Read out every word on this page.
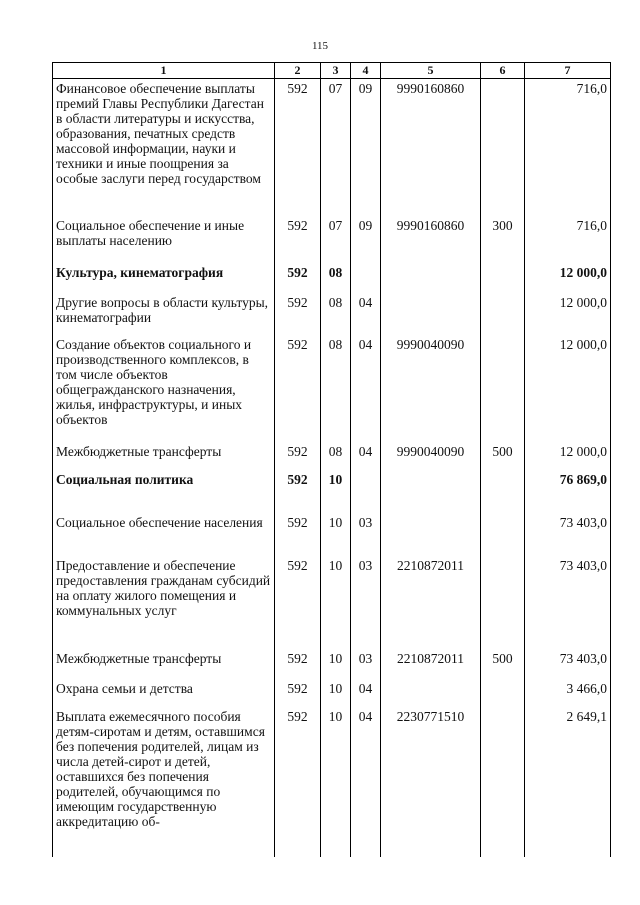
115
1	2	3	4	5	6	7
Финансовое обеспечение выплаты премий Главы Республики Дагестан в области литературы и искусства, образования, печатных средств массовой информации, науки и техники и иные поощрения за особые заслуги перед государством	592	07	09	9990160860		716,0
Социальное обеспечение и иные выплаты населению	592	07	09	9990160860	300	716,0
Культура, кинематография	592	08				12 000,0
Другие вопросы в области культуры, кинематографии	592	08	04			12 000,0
Создание объектов социального и производственного комплексов, в том числе объектов общегражданского назначения, жилья, инфраструктуры, и иных объектов	592	08	04	9990040090		12 000,0
Межбюджетные трансферты	592	08	04	9990040090	500	12 000,0
Социальная политика	592	10				76 869,0
Социальное обеспечение населения	592	10	03			73 403,0
Предоставление и обеспечение предоставления гражданам субсидий на оплату жилого помещения и коммунальных услуг	592	10	03	2210872011		73 403,0
Межбюджетные трансферты	592	10	03	2210872011	500	73 403,0
Охрана семьи и детства	592	10	04			3 466,0
Выплата ежемесячного пособия детям-сиротам и детям, оставшимся без попечения родителей, лицам из числа детей-сирот и детей, оставшихся без попечения родителей, обучающимся по имеющим государственную аккредитацию об-	592	10	04	2230771510		2 649,1
